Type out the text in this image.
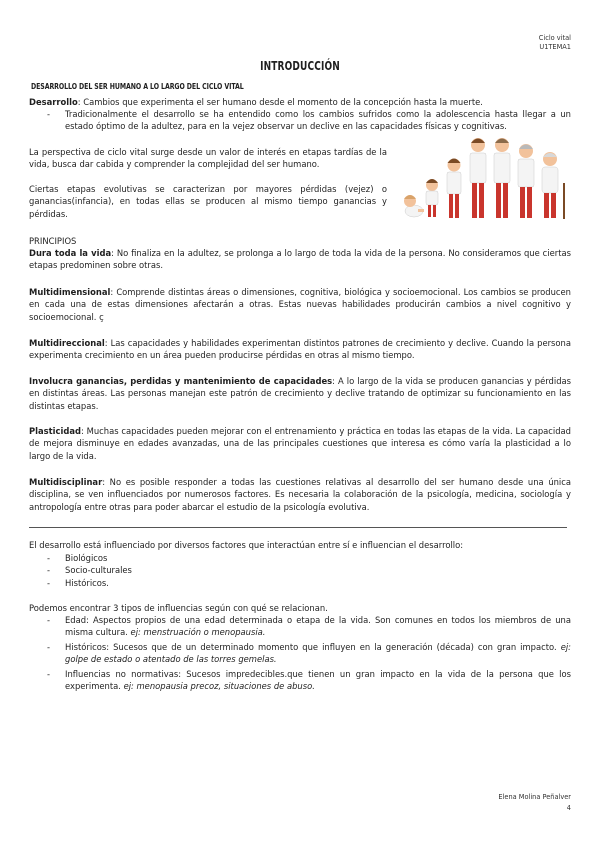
Ciclo vital
U1TEMA1
INTRODUCCIÓN
DESARROLLO DEL SER HUMANO A LO LARGO DEL CICLO VITAL
Desarrollo: Cambios que experimenta el ser humano desde el momento de la concepción hasta la muerte.
-	Tradicionalmente el desarrollo se ha entendido como los cambios sufridos como la adolescencia hasta llegar a un estado óptimo de la adultez, para en la vejez observar un declive en las capacidades físicas y cognitivas.
La perspectiva de ciclo vital surge desde un valor de interés en etapas tardías de la vida, busca dar cabida y comprender la complejidad del ser humano.
Ciertas etapas evolutivas se caracterizan por mayores pérdidas (vejez) o ganancias(infancia), en todas ellas se producen al mismo tiempo ganancias y pérdidas.
PRINCIPIOS
Dura toda la vida: No finaliza en la adultez, se prolonga a lo largo de toda la vida de la persona. No consideramos que ciertas etapas predominen sobre otras.
Multidimensional: Comprende distintas áreas o dimensiones, cognitiva, biológica y socioemocional. Los cambios se producen en cada una de estas dimensiones afectarán a otras. Estas nuevas habilidades producirán cambios a nivel cognitivo y socioemocional. ç
Multidireccional: Las capacidades y habilidades experimentan distintos patrones de crecimiento y declive. Cuando la persona experimenta crecimiento en un área pueden producirse pérdidas en otras al mismo tiempo.
Involucra ganancias, perdidas y mantenimiento de capacidades: A lo largo de la vida se producen ganancias y pérdidas en distintas áreas. Las personas manejan este patrón de crecimiento y declive tratando de optimizar su funcionamiento en las distintas etapas.
Plasticidad: Muchas capacidades pueden mejorar con el entrenamiento y práctica en todas las etapas de la vida. La capacidad de mejora disminuye en edades avanzadas, una de las principales cuestiones que interesa es cómo varía la plasticidad a lo largo de la vida.
Multidisciplinar: No es posible responder a todas las cuestiones relativas al desarrollo del ser humano desde una única disciplina, se ven influenciados por numerosos factores. Es necesaria la colaboración de la psicología, medicina, sociología y antropología entre otras para poder abarcar el estudio de la psicología evolutiva.
El desarrollo está influenciado por diversos factores que interactúan entre sí e influencian el desarrollo:
-	Biológicos
-	Socio-culturales
-	Históricos.
Podemos encontrar 3 tipos de influencias según con qué se relacionan.
-	Edad: Aspectos propios de una edad determinada o etapa de la vida. Son comunes en todos los miembros de una misma cultura. ej: menstruación o menopausia.
-	Históricos: Sucesos que de un determinado momento que influyen en la generación (década) con gran impacto. ej: golpe de estado o atentado de las torres gemelas.
-	Influencias no normativas: Sucesos impredecibles.que tienen un gran impacto en la vida de la persona que los experimenta. ej: menopausia precoz, situaciones de abuso.
Elena Molina Peñalver
4
